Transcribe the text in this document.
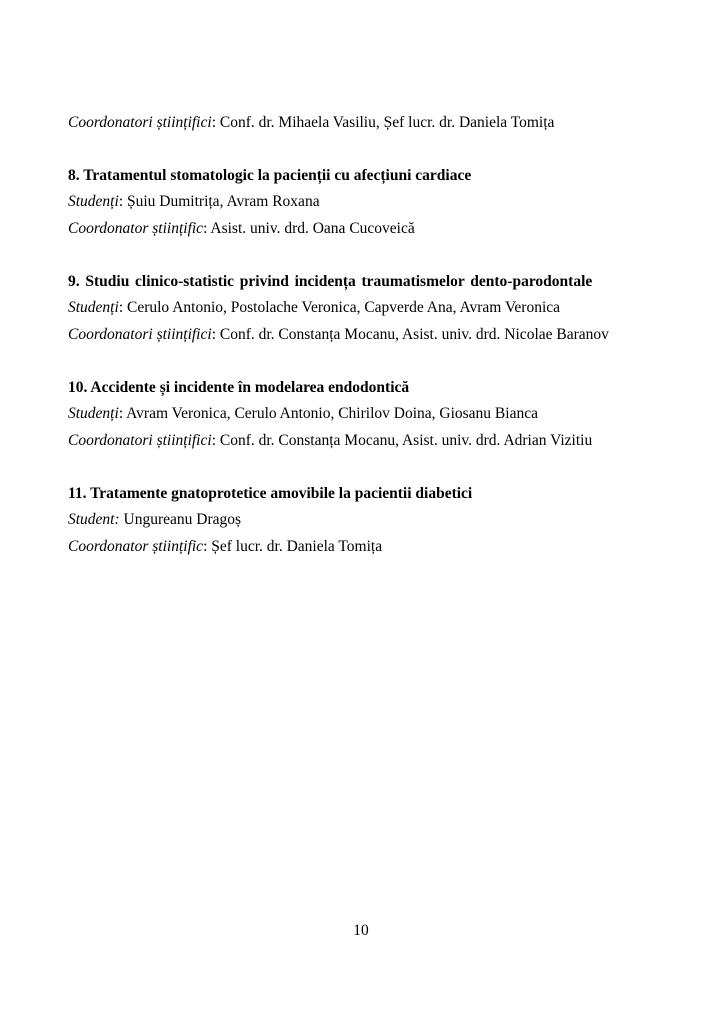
Coordonatori științifici: Conf. dr. Mihaela Vasiliu, Șef lucr. dr. Daniela Tomița

8. Tratamentul stomatologic la pacienții cu afecțiuni cardiace

Studenți: Șuiu Dumitrița, Avram Roxana

Coordonator științific: Asist. univ. drd. Oana Cucoveică

9. Studiu clinico-statistic privind incidența traumatismelor dento-parodontale

Studenți: Cerulo Antonio, Postolache Veronica, Capverde Ana, Avram Veronica

Coordonatori științifici: Conf. dr. Constanța Mocanu, Asist. univ. drd. Nicolae Baranov

10. Accidente și incidente în modelarea endodontică

Studenți: Avram Veronica, Cerulo Antonio, Chirilov Doina, Giosanu Bianca

Coordonatori științifici: Conf. dr. Constanța Mocanu, Asist. univ. drd. Adrian Vizitiu

11. Tratamente gnatoprotetice amovibile la pacientii diabetici

Student: Ungureanu Dragoș

Coordonator științific: Șef lucr. dr. Daniela Tomița

10
